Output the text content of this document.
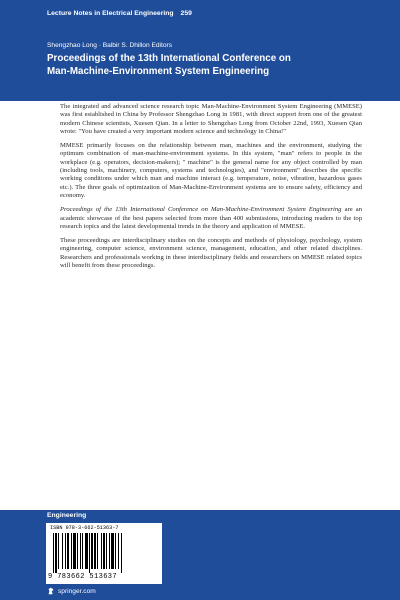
Lecture Notes in Electrical Engineering 259
Shengzhao Long · Balbir S. Dhillon Editors
Proceedings of the 13th International Conference on
Man-Machine-Environment System Engineering

The integrated and advanced science research topic Man-Machine-Environment System Engineering (MMESE) was first established in China by Professor Shengzhao Long in 1981, with direct support from one of the greatest modern Chinese scientists, Xuesen Qian. In a letter to Shengzhao Long from October 22nd, 1993, Xuesen Qian wrote: "You have created a very important modern science and technology in China!"

MMESE primarily focuses on the relationship between man, machines and the environment, studying the optimum combination of man-machine-environment systems. In this system, "man" refers to people in the workplace (e.g. operators, decision-makers); " machine" is the general name for any object controlled by man (including tools, machinery, computers, systems and technologies), and "environment" describes the specific working conditions under which man and machine interact (e.g. temperature, noise, vibration, hazardous gases etc.). The three goals of optimization of Man-Machine-Environment systems are to ensure safety, efficiency and economy.

Proceedings of the 13th International Conference on Man-Machine-Environment System Engineering are an academic showcase of the best papers selected from more than 400 submissions, introducing readers to the top research topics and the latest developmental trends in the theory and application of MMESE.

These proceedings are interdisciplinary studies on the concepts and methods of physiology, psychology, system engineering, computer science, environment science, management, education, and other related disciplines. Researchers and professionals working in these interdisciplinary fields and researchers on MMESE related topics will benefit from these proceedings.

Engineering
ISBN 978-3-662-51363-7
9 783662 513637
springer.com
